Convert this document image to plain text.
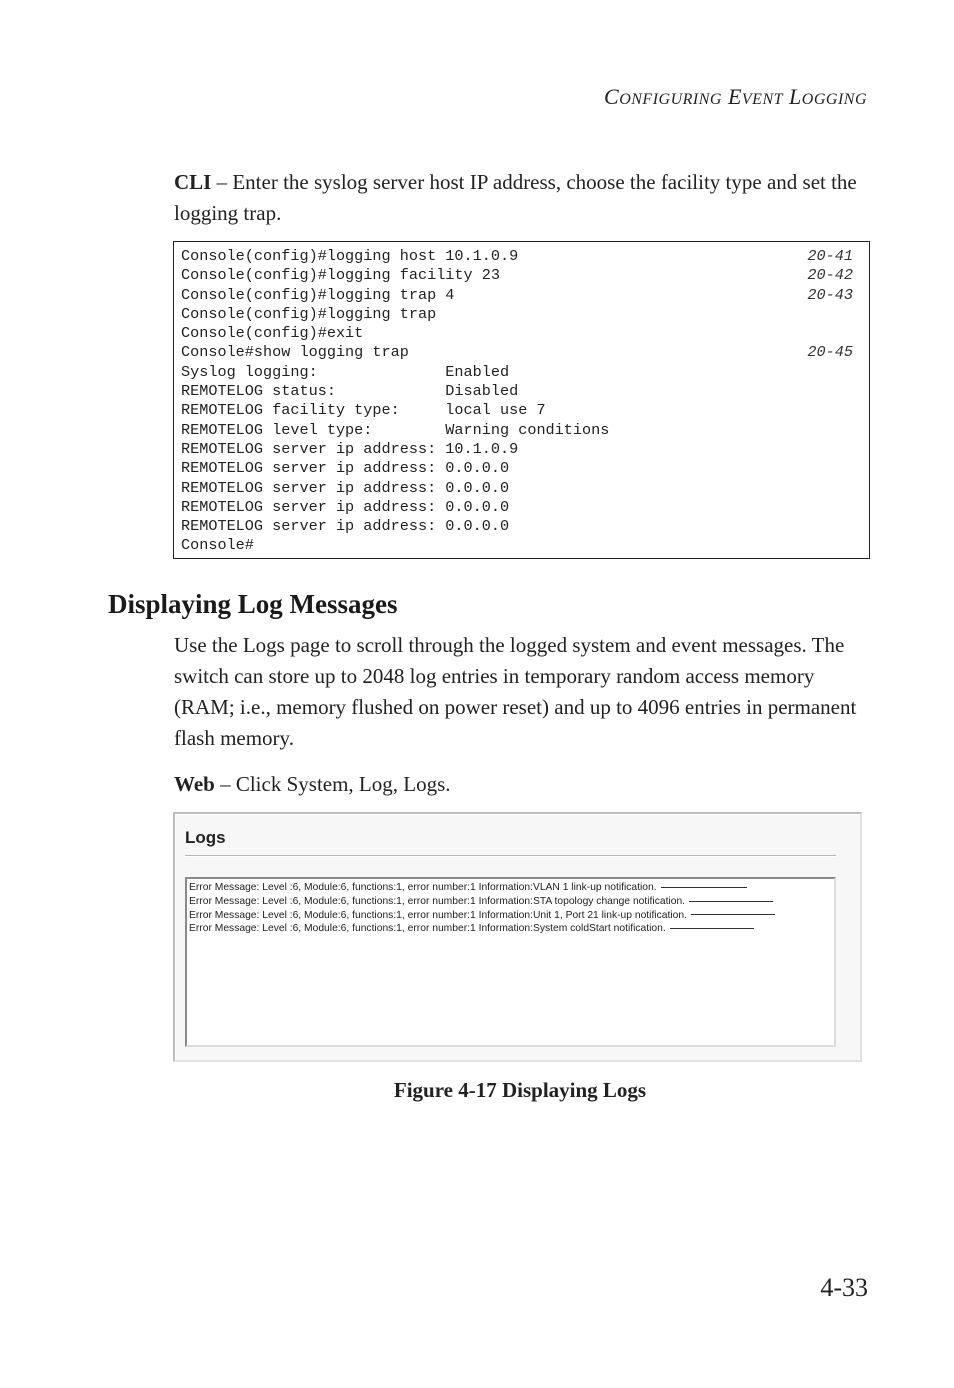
CONFIGURING EVENT LOGGING
CLI – Enter the syslog server host IP address, choose the facility type and set the logging trap.
Console(config)#logging host 10.1.0.9	20-41
Console(config)#logging facility 23	20-42
Console(config)#logging trap 4	20-43
Console(config)#logging trap
Console(config)#exit
Console#show logging trap	20-45
Syslog logging:              Enabled
REMOTELOG status:            Disabled
REMOTELOG facility type:     local use 7
REMOTELOG level type:        Warning conditions
REMOTELOG server ip address: 10.1.0.9
REMOTELOG server ip address: 0.0.0.0
REMOTELOG server ip address: 0.0.0.0
REMOTELOG server ip address: 0.0.0.0
REMOTELOG server ip address: 0.0.0.0
Console#
Displaying Log Messages
Use the Logs page to scroll through the logged system and event messages. The switch can store up to 2048 log entries in temporary random access memory (RAM; i.e., memory flushed on power reset) and up to 4096 entries in permanent flash memory.
Web – Click System, Log, Logs.
Logs
Error Message: Level :6, Module:6, functions:1, error number:1 Information:VLAN 1 link-up notification.
Error Message: Level :6, Module:6, functions:1, error number:1 Information:STA topology change notification.
Error Message: Level :6, Module:6, functions:1, error number:1 Information:Unit 1, Port 21 link-up notification.
Error Message: Level :6, Module:6, functions:1, error number:1 Information:System coldStart notification.
Figure 4-17 Displaying Logs
4-33
